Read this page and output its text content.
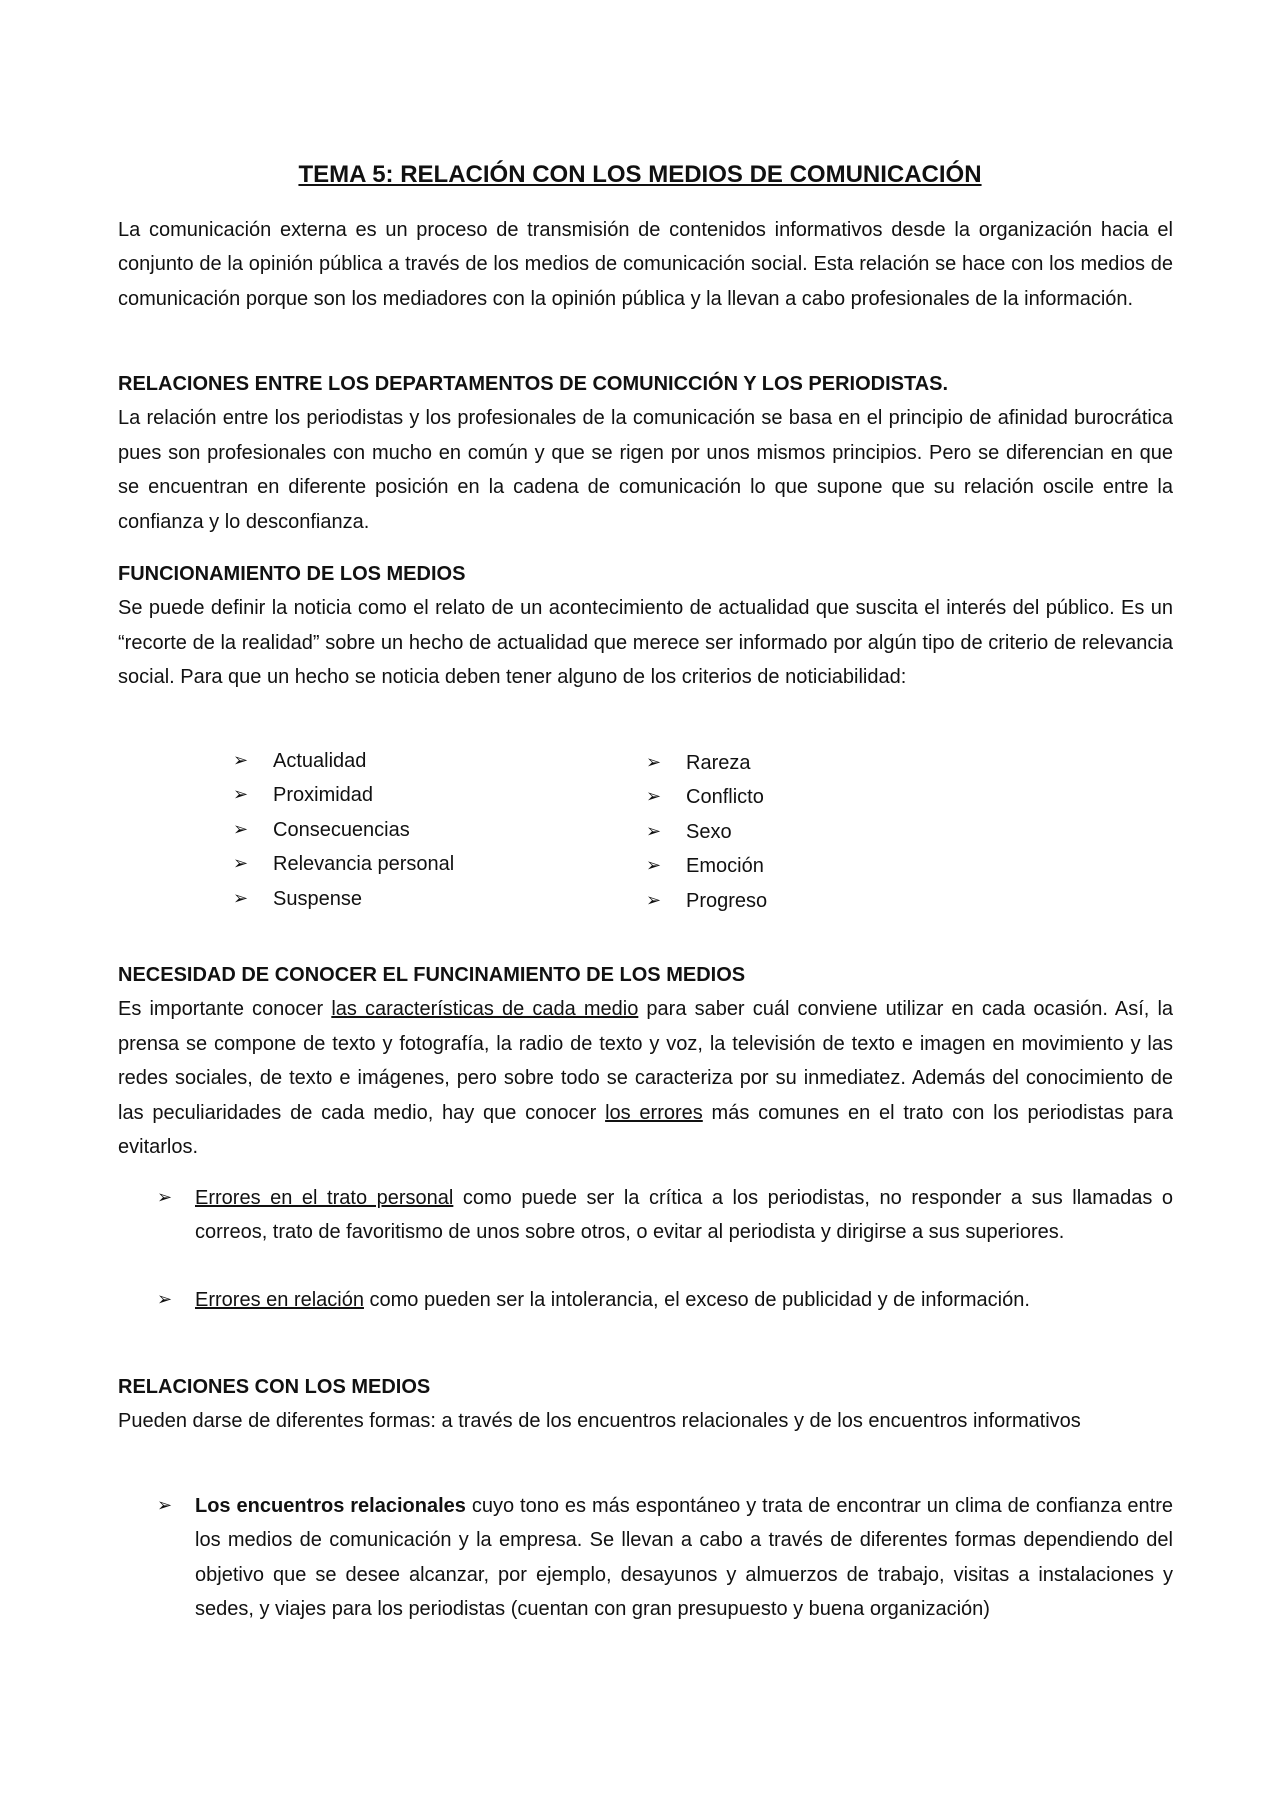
TEMA 5: RELACIÓN CON LOS MEDIOS DE COMUNICACIÓN
La comunicación externa es un proceso de transmisión de contenidos informativos desde la organización hacia el conjunto de la opinión pública a través de los medios de comunicación social. Esta relación se hace con los medios de comunicación porque son los mediadores con la opinión pública y la llevan a cabo profesionales de la información.
RELACIONES ENTRE LOS DEPARTAMENTOS DE COMUNICCIÓN Y LOS PERIODISTAS.
La relación entre los periodistas y los profesionales de la comunicación se basa en el principio de afinidad burocrática pues son profesionales con mucho en común y que se rigen por unos mismos principios. Pero se diferencian en que se encuentran en diferente posición en la cadena de comunicación lo que supone que su relación oscile entre la confianza y lo desconfianza.
FUNCIONAMIENTO DE LOS MEDIOS
Se puede definir la noticia como el relato de un acontecimiento de actualidad que suscita el interés del público. Es un “recorte de la realidad” sobre un hecho de actualidad que merece ser informado por algún tipo de criterio de relevancia social. Para que un hecho se noticia deben tener alguno de los criterios de noticiabilidad:
➢ Actualidad
➢ Proximidad
➢ Consecuencias
➢ Relevancia personal
➢ Suspense
➢ Rareza
➢ Conflicto
➢ Sexo
➢ Emoción
➢ Progreso
NECESIDAD DE CONOCER EL FUNCINAMIENTO DE LOS MEDIOS
Es importante conocer las características de cada medio para saber cuál conviene utilizar en cada ocasión. Así, la prensa se compone de texto y fotografía, la radio de texto y voz, la televisión de texto e imagen en movimiento y las redes sociales, de texto e imágenes, pero sobre todo se caracteriza por su inmediatez. Además del conocimiento de las peculiaridades de cada medio, hay que conocer los errores más comunes en el trato con los periodistas para evitarlos.
➢ Errores en el trato personal como puede ser la crítica a los periodistas, no responder a sus llamadas o correos, trato de favoritismo de unos sobre otros, o evitar al periodista y dirigirse a sus superiores.
➢ Errores en relación como pueden ser la intolerancia, el exceso de publicidad y de información.
RELACIONES CON LOS MEDIOS
Pueden darse de diferentes formas: a través de los encuentros relacionales y de los encuentros informativos
➢ Los encuentros relacionales cuyo tono es más espontáneo y trata de encontrar un clima de confianza entre los medios de comunicación y la empresa. Se llevan a cabo a través de diferentes formas dependiendo del objetivo que se desee alcanzar, por ejemplo, desayunos y almuerzos de trabajo, visitas a instalaciones y sedes, y viajes para los periodistas (cuentan con gran presupuesto y buena organización)
